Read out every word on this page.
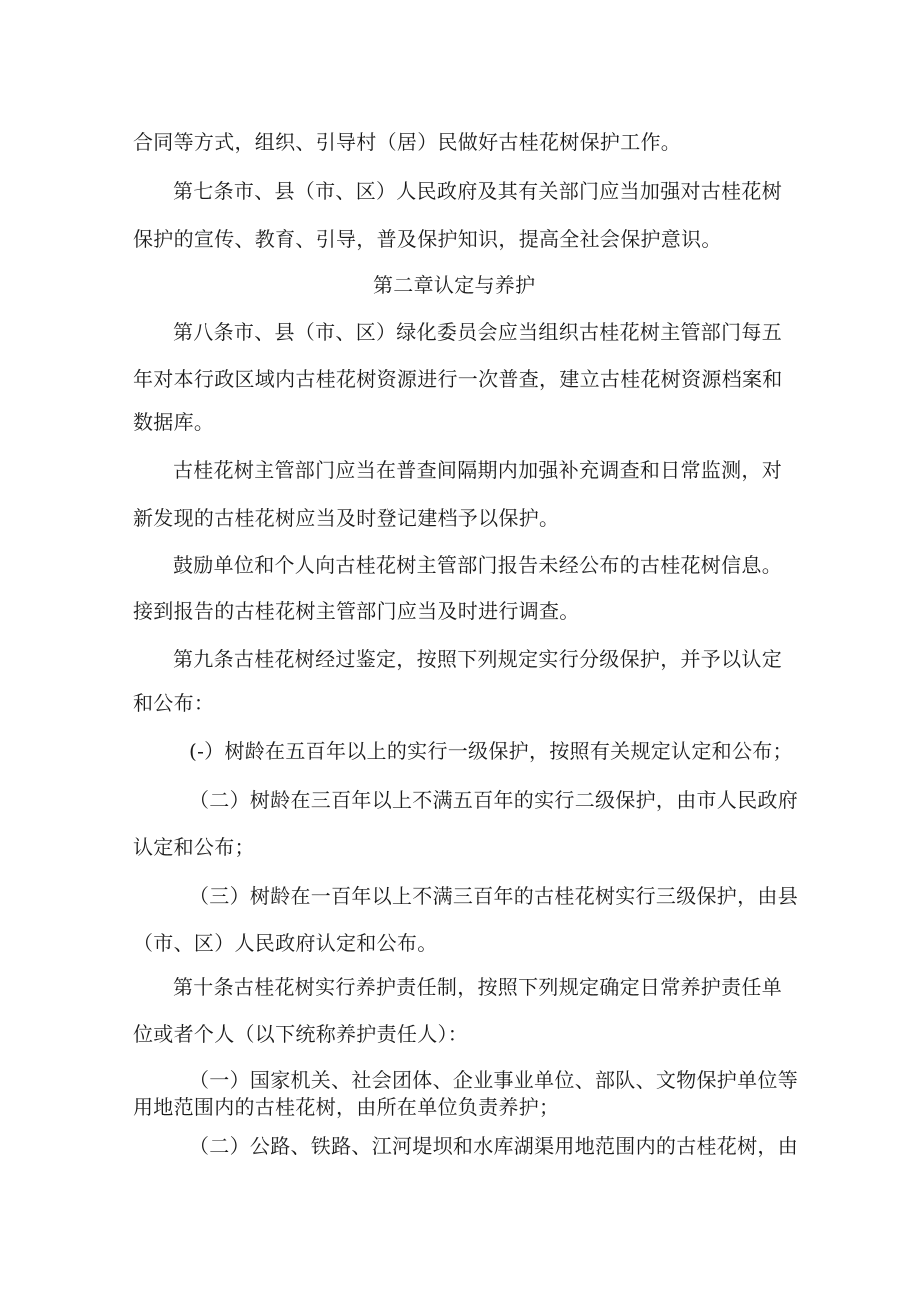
合同等方式，组织、引导村（居）民做好古桂花树保护工作。
第七条市、县（市、区）人民政府及其有关部门应当加强对古桂花树
保护的宣传、教育、引导，普及保护知识，提高全社会保护意识。
第二章认定与养护
第八条市、县（市、区）绿化委员会应当组织古桂花树主管部门每五
年对本行政区域内古桂花树资源进行一次普查，建立古桂花树资源档案和
数据库。
古桂花树主管部门应当在普查间隔期内加强补充调查和日常监测，对
新发现的古桂花树应当及时登记建档予以保护。
鼓励单位和个人向古桂花树主管部门报告未经公布的古桂花树信息。
接到报告的古桂花树主管部门应当及时进行调查。
第九条古桂花树经过鉴定，按照下列规定实行分级保护，并予以认定
和公布：
(-）树龄在五百年以上的实行一级保护，按照有关规定认定和公布；
（二）树龄在三百年以上不满五百年的实行二级保护，由市人民政府
认定和公布；
（三）树龄在一百年以上不满三百年的古桂花树实行三级保护，由县
（市、区）人民政府认定和公布。
第十条古桂花树实行养护责任制，按照下列规定确定日常养护责任单
位或者个人（以下统称养护责任人）：
（一）国家机关、社会团体、企业事业单位、部队、文物保护单位等
用地范围内的古桂花树，由所在单位负责养护；
（二）公路、铁路、江河堤坝和水库湖渠用地范围内的古桂花树，由
